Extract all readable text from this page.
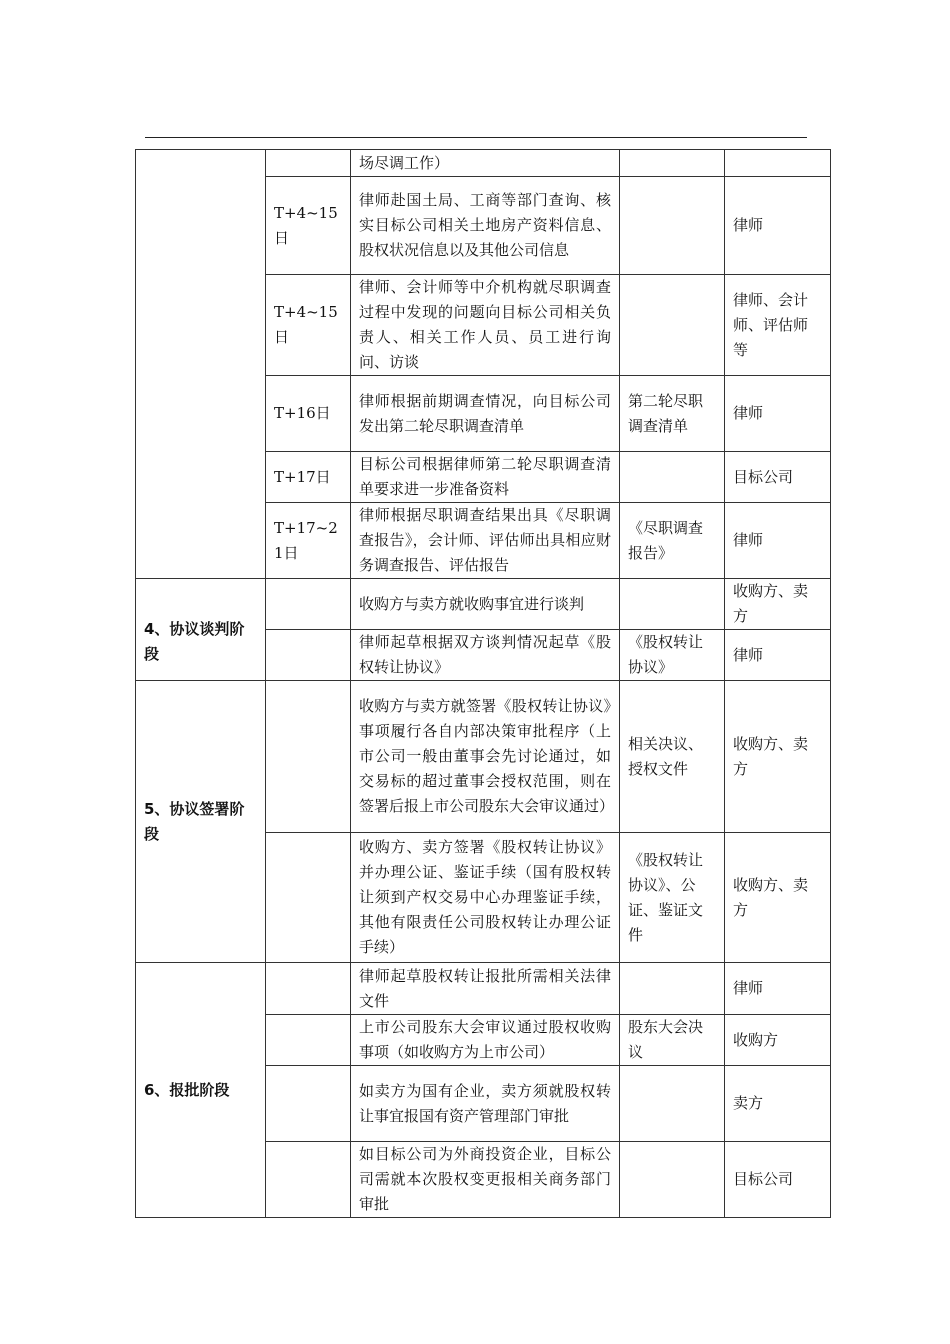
		场尽调工作）		
	T+4~15日	律师赴国土局、工商等部门查询、核实目标公司相关土地房产资料信息、股权状况信息以及其他公司信息		律师
	T+4~15日	律师、会计师等中介机构就尽职调查过程中发现的问题向目标公司相关负责人、相关工作人员、员工进行询问、访谈		律师、会计师、评估师等
	T+16日	律师根据前期调查情况，向目标公司发出第二轮尽职调查清单	第二轮尽职调查清单	律师
	T+17日	目标公司根据律师第二轮尽职调查清单要求进一步准备资料		目标公司
	T+17~21日	律师根据尽职调查结果出具《尽职调查报告》，会计师、评估师出具相应财务调查报告、评估报告	《尽职调查报告》	律师
4、协议谈判阶段		收购方与卖方就收购事宜进行谈判		收购方、卖方
		律师起草根据双方谈判情况起草《股权转让协议》	《股权转让协议》	律师
5、协议签署阶段		收购方与卖方就签署《股权转让协议》事项履行各自内部决策审批程序（上市公司一般由董事会先讨论通过，如交易标的超过董事会授权范围，则在签署后报上市公司股东大会审议通过）	相关决议、授权文件	收购方、卖方
		收购方、卖方签署《股权转让协议》并办理公证、鉴证手续（国有股权转让须到产权交易中心办理鉴证手续，其他有限责任公司股权转让办理公证手续）	《股权转让协议》、公证、鉴证文件	收购方、卖方
6、报批阶段		律师起草股权转让报批所需相关法律文件		律师
		上市公司股东大会审议通过股权收购事项（如收购方为上市公司）	股东大会决议	收购方
		如卖方为国有企业，卖方须就股权转让事宜报国有资产管理部门审批		卖方
		如目标公司为外商投资企业，目标公司需就本次股权变更报相关商务部门审批		目标公司
